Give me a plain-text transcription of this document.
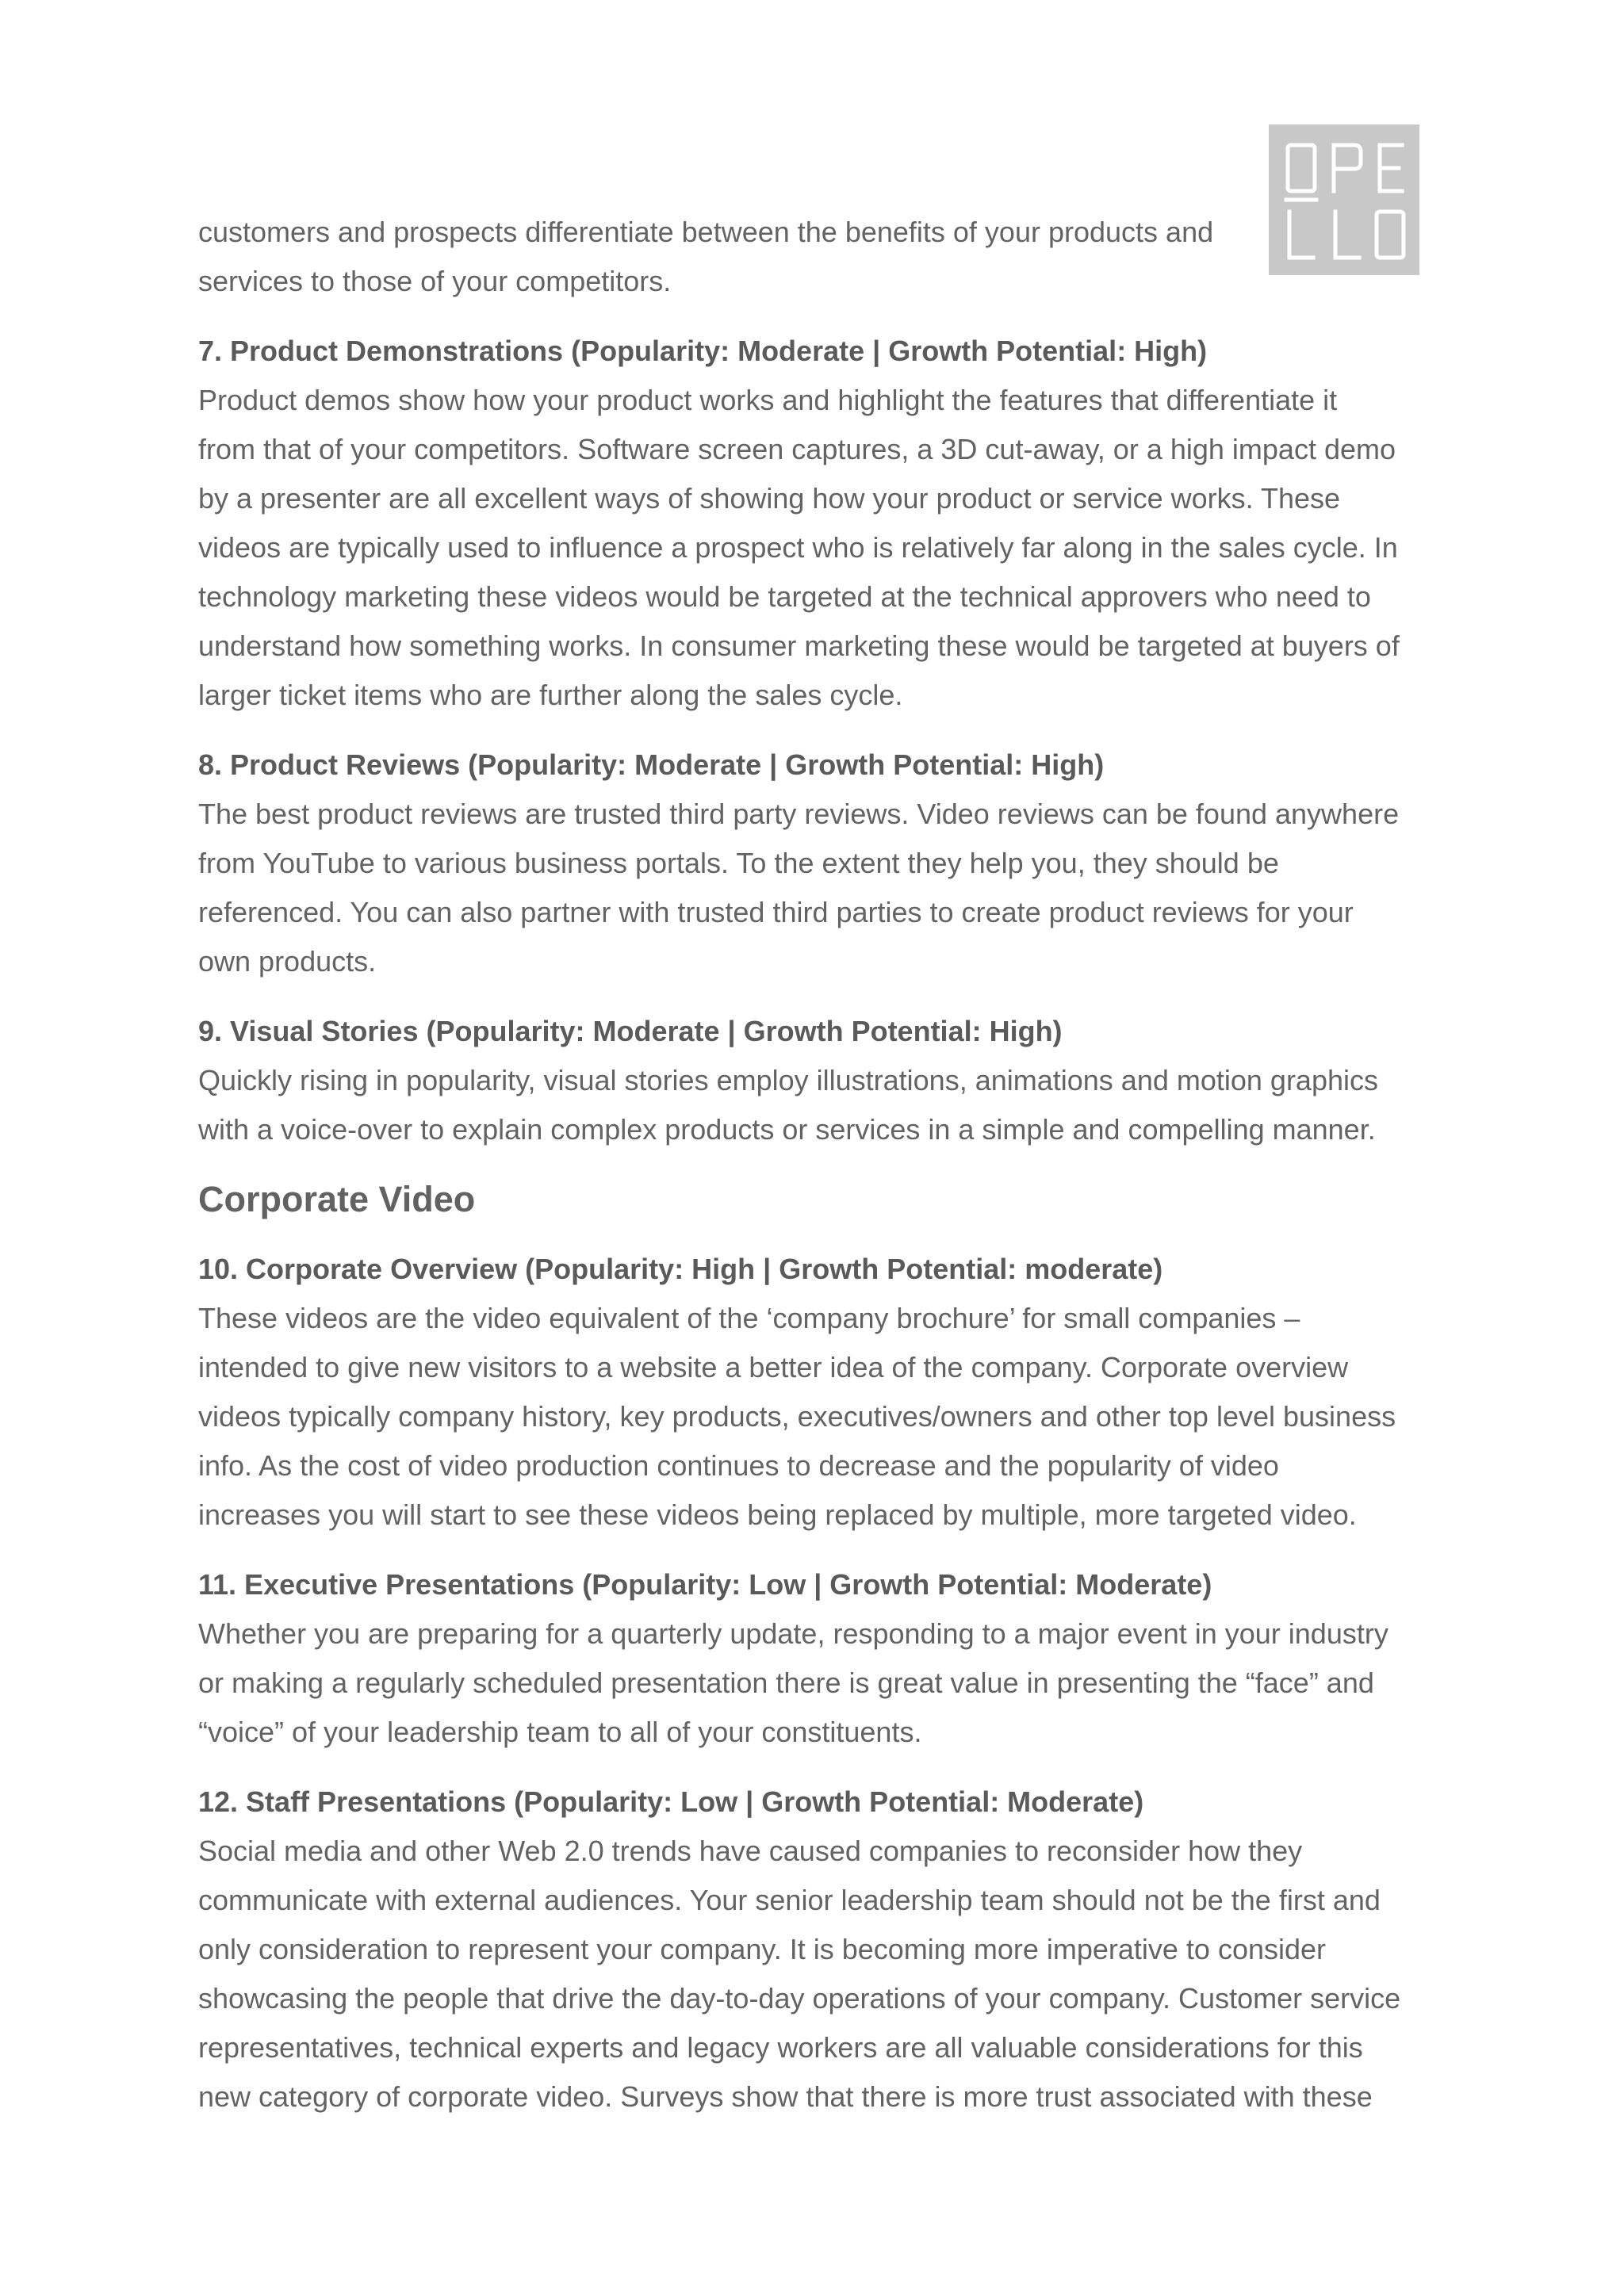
customers and prospects differentiate between the benefits of your products and

services to those of your competitors.

7. Product Demonstrations (Popularity: Moderate | Growth Potential: High)

Product demos show how your product works and highlight the features that differentiate it

from that of your competitors. Software screen captures, a 3D cut-away, or a high impact demo

by a presenter are all excellent ways of showing how your product or service works. These

videos are typically used to influence a prospect who is relatively far along in the sales cycle. In

technology marketing these videos would be targeted at the technical approvers who need to

understand how something works. In consumer marketing these would be targeted at buyers of

larger ticket items who are further along the sales cycle.

8. Product Reviews (Popularity: Moderate | Growth Potential: High)

The best product reviews are trusted third party reviews. Video reviews can be found anywhere

from YouTube to various business portals. To the extent they help you, they should be

referenced. You can also partner with trusted third parties to create product reviews for your

own products.

9. Visual Stories (Popularity: Moderate | Growth Potential: High)

Quickly rising in popularity, visual stories employ illustrations, animations and motion graphics

with a voice-over to explain complex products or services in a simple and compelling manner.

Corporate Video

10. Corporate Overview (Popularity: High | Growth Potential: moderate)

These videos are the video equivalent of the ‘company brochure’ for small companies –

intended to give new visitors to a website a better idea of the company. Corporate overview

videos typically company history, key products, executives/owners and other top level business

info. As the cost of video production continues to decrease and the popularity of video

increases you will start to see these videos being replaced by multiple, more targeted video.

11. Executive Presentations (Popularity: Low | Growth Potential: Moderate)

Whether you are preparing for a quarterly update, responding to a major event in your industry

or making a regularly scheduled presentation there is great value in presenting the “face” and

“voice” of your leadership team to all of your constituents.

12. Staff Presentations (Popularity: Low | Growth Potential: Moderate)

Social media and other Web 2.0 trends have caused companies to reconsider how they

communicate with external audiences. Your senior leadership team should not be the first and

only consideration to represent your company. It is becoming more imperative to consider

showcasing the people that drive the day-to-day operations of your company. Customer service

representatives, technical experts and legacy workers are all valuable considerations for this

new category of corporate video. Surveys show that there is more trust associated with these
